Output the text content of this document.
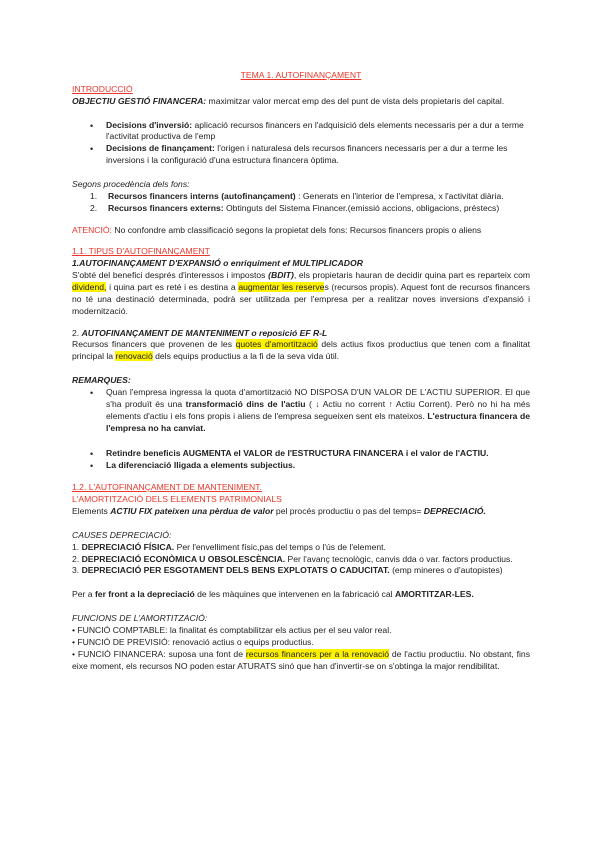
TEMA 1. AUTOFINANÇAMENT

INTRODUCCIÓ

OBJECTIU GESTIÓ FINANCERA: maximitzar valor mercat emp des del punt de vista dels propietaris del capital.

• Decisions d'inversió: aplicació recursos financers en l'adquisició dels elements necessaris per a dur a terme l'activitat productiva de l'emp
• Decisions de finançament: l'origen i naturalesa dels recursos financers necessaris per a dur a terme les inversions i la configuració d'una estructura financera òptima.

Segons procedència dels fons:

1. Recursos financers interns (autofinançament) : Generats en l'interior de l'empresa, x l'activitat diària.
2. Recursos financers externs: Obtinguts del Sistema Financer.(emissió accions, obligacions, préstecs)

ATENCIÓ: No confondre amb classificació segons la propietat dels fons: Recursos financers propis o aliens

1.1. TIPUS D'AUTOFINANÇAMENT

1.AUTOFINANÇAMENT D'EXPANSIÓ o enriquiment ef MULTIPLICADOR

S'obté del benefici després d'interessos i impostos (BDIT), els propietaris hauran de decidir quina part es reparteix com dividend, i quina part es reté i es destina a augmentar les reserves (recursos propis). Aquest font de recursos financers no té una destinació determinada, podrà ser utilitzada per l'empresa per a realitzar noves inversions d'expansió i modernització.

2. AUTOFINANÇAMENT DE MANTENIMENT o reposició EF R-L

Recursos financers que provenen de les quotes d'amortització dels actius fixos productius que tenen com a finalitat principal la renovació dels equips productius a la fi de la seva vida útil.

REMARQUES:

• Quan l'empresa ingressa la quota d'amortització NO DISPOSA D'UN VALOR DE L'ACTIU SUPERIOR. El que s'ha produït és una transformació dins de l'actiu ( ↓ Actiu no corrent ↑ Actiu Corrent). Però no hi ha més elements d'actiu i els fons propis i aliens de l'empresa segueixen sent els mateixos. L'estructura financera de l'empresa no ha canviat.
• Retindre beneficis AUGMENTA el VALOR de l'ESTRUCTURA FINANCERA i el valor de l'ACTIU.
• La diferenciació lligada a elements subjectius.

1.2. L'AUTOFINANÇAMENT DE MANTENIMENT.

L'AMORTITZACIÓ DELS ELEMENTS PATRIMONIALS

Elements ACTIU FIX pateixen una pèrdua de valor pel procés productiu o pas del temps= DEPRECIACIÓ.

CAUSES DEPRECIACIÓ:

1. DEPRECIACIÓ FÍSICA. Per l'envelliment físic,pas del temps o l'ús de l'element.

2. DEPRECIACIÓ ECONÒMICA U OBSOLESCÈNCIA. Per l'avanç tecnològic, canvis dda o var. factors productius.

3. DEPRECIACIÓ PER ESGOTAMENT DELS BENS EXPLOTATS O CADUCITAT. (emp mineres o d'autopistes)

Per a fer front a la depreciació de les màquines que intervenen en la fabricació cal AMORTITZAR-LES.

FUNCIONS DE L'AMORTITZACIÓ:

• FUNCIÓ COMPTABLE: la finalitat és comptabilitzar els actius per el seu valor real.

• FUNCIÓ DE PREVISIÓ: renovació actius o equips productius.

• FUNCIÓ FINANCERA: suposa una font de recursos financers per a la renovació de l'actiu productiu. No obstant, fins eixe moment, els recursos NO poden estar ATURATS sinó que han d'invertir-se on s'obtinga la major rendibilitat.
